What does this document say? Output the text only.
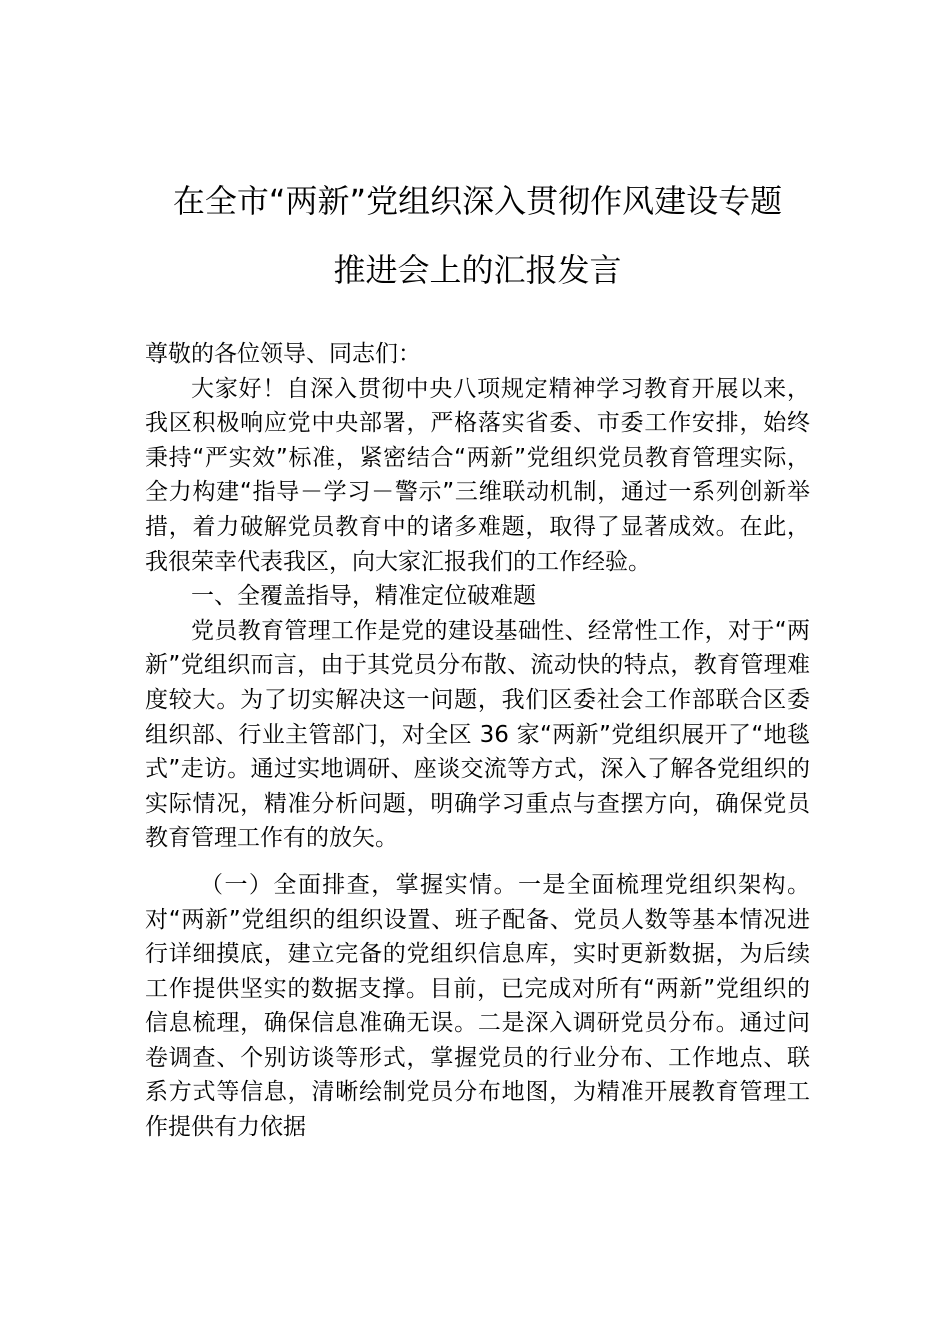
在全市“两新”党组织深入贯彻作风建设专题
推进会上的汇报发言

尊敬的各位领导、同志们：

大家好！自深入贯彻中央八项规定精神学习教育开展以来，我区积极响应党中央部署，严格落实省委、市委工作安排，始终秉持“严实效”标准，紧密结合“两新”党组织党员教育管理实际，全力构建“指导－学习－警示”三维联动机制，通过一系列创新举措，着力破解党员教育中的诸多难题，取得了显著成效。在此，我很荣幸代表我区，向大家汇报我们的工作经验。

一、全覆盖指导，精准定位破难题

党员教育管理工作是党的建设基础性、经常性工作，对于“两新”党组织而言，由于其党员分布散、流动快的特点，教育管理难度较大。为了切实解决这一问题，我们区委社会工作部联合区委组织部、行业主管部门，对全区 36 家“两新”党组织展开了“地毯式”走访。通过实地调研、座谈交流等方式，深入了解各党组织的实际情况，精准分析问题，明确学习重点与查摆方向，确保党员教育管理工作有的放矢。

（一）全面排查，掌握实情。一是全面梳理党组织架构。对“两新”党组织的组织设置、班子配备、党员人数等基本情况进行详细摸底，建立完备的党组织信息库，实时更新数据，为后续工作提供坚实的数据支撑。目前，已完成对所有“两新”党组织的信息梳理，确保信息准确无误。二是深入调研党员分布。通过问卷调查、个别访谈等形式，掌握党员的行业分布、工作地点、联系方式等信息，清晰绘制党员分布地图，为精准开展教育管理工作提供有力依据
